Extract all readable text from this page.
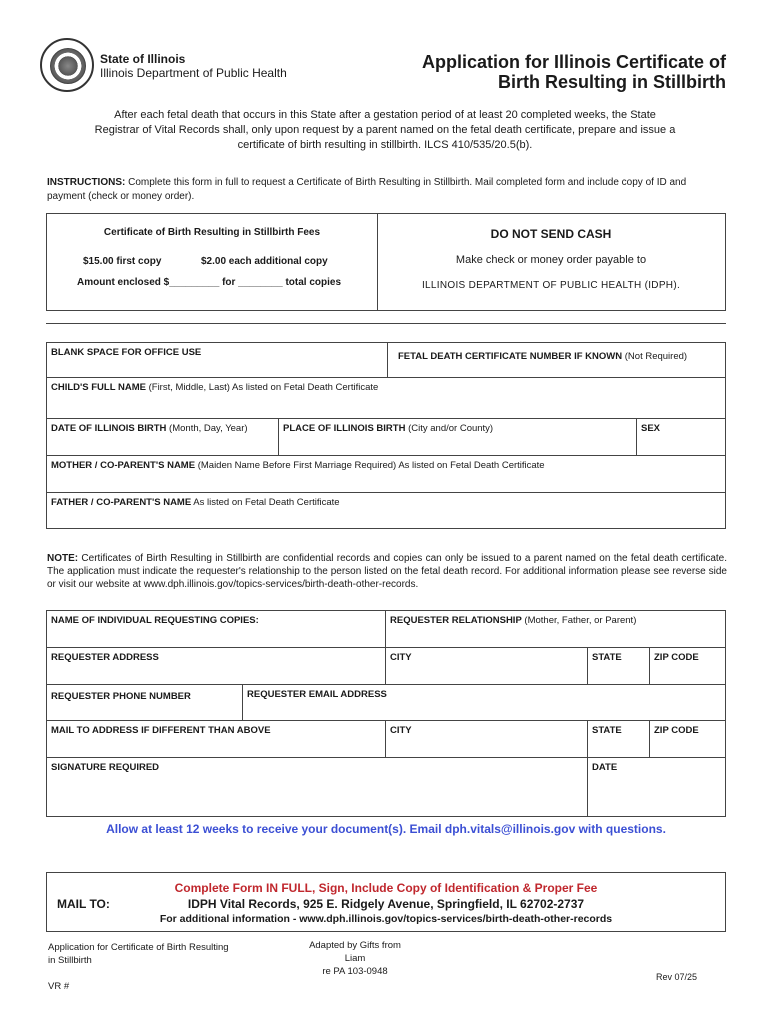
State of Illinois
Illinois Department of Public Health
Application for Illinois Certificate of
Birth Resulting in Stillbirth
After each fetal death that occurs in this State after a gestation period of at least 20 completed weeks, the State
Registrar of Vital Records shall, only upon request by a parent named on the fetal death certificate, prepare and issue a
certificate of birth resulting in stillbirth. ILCS 410/535/20.5(b).
INSTRUCTIONS: Complete this form in full to request a Certificate of Birth Resulting in Stillbirth. Mail completed form and include copy of ID and payment (check or money order).
Certificate of Birth Resulting in Stillbirth Fees
$15.00 first copy	$2.00 each additional copy
Amount enclosed $_________ for ________ total copies
DO NOT SEND CASH
Make check or money order payable to
ILLINOIS DEPARTMENT OF PUBLIC HEALTH (IDPH).
BLANK SPACE FOR OFFICE USE	FETAL DEATH CERTIFICATE NUMBER IF KNOWN (Not Required)
CHILD'S FULL NAME (First, Middle, Last) As listed on Fetal Death Certificate
DATE OF ILLINOIS BIRTH (Month, Day, Year)	PLACE OF ILLINOIS BIRTH (City and/or County)	SEX
MOTHER / CO-PARENT'S NAME (Maiden Name Before First Marriage Required) As listed on Fetal Death Certificate
FATHER / CO-PARENT'S NAME As listed on Fetal Death Certificate
NOTE: Certificates of Birth Resulting in Stillbirth are confidential records and copies can only be issued to a parent named on the fetal death certificate. The application must indicate the requester's relationship to the person listed on the fetal death record. For additional information please see reverse side or visit our website at www.dph.illinois.gov/topics-services/birth-death-other-records.
NAME OF INDIVIDUAL REQUESTING COPIES:	REQUESTER RELATIONSHIP (Mother, Father, or Parent)
REQUESTER ADDRESS	CITY	STATE	ZIP CODE
REQUESTER PHONE NUMBER	REQUESTER EMAIL ADDRESS
MAIL TO ADDRESS IF DIFFERENT THAN ABOVE	CITY	STATE	ZIP CODE
SIGNATURE REQUIRED	DATE
Allow at least 12 weeks to receive your document(s). Email dph.vitals@illinois.gov with questions.
MAIL TO:
Complete Form IN FULL, Sign, Include Copy of Identification & Proper Fee
IDPH Vital Records, 925 E. Ridgely Avenue, Springfield, IL 62702-2737
For additional information - www.dph.illinois.gov/topics-services/birth-death-other-records
Application for Certificate of Birth Resulting
in Stillbirth
VR #
Adapted by Gifts from Liam
re PA 103-0948	Rev 07/25
